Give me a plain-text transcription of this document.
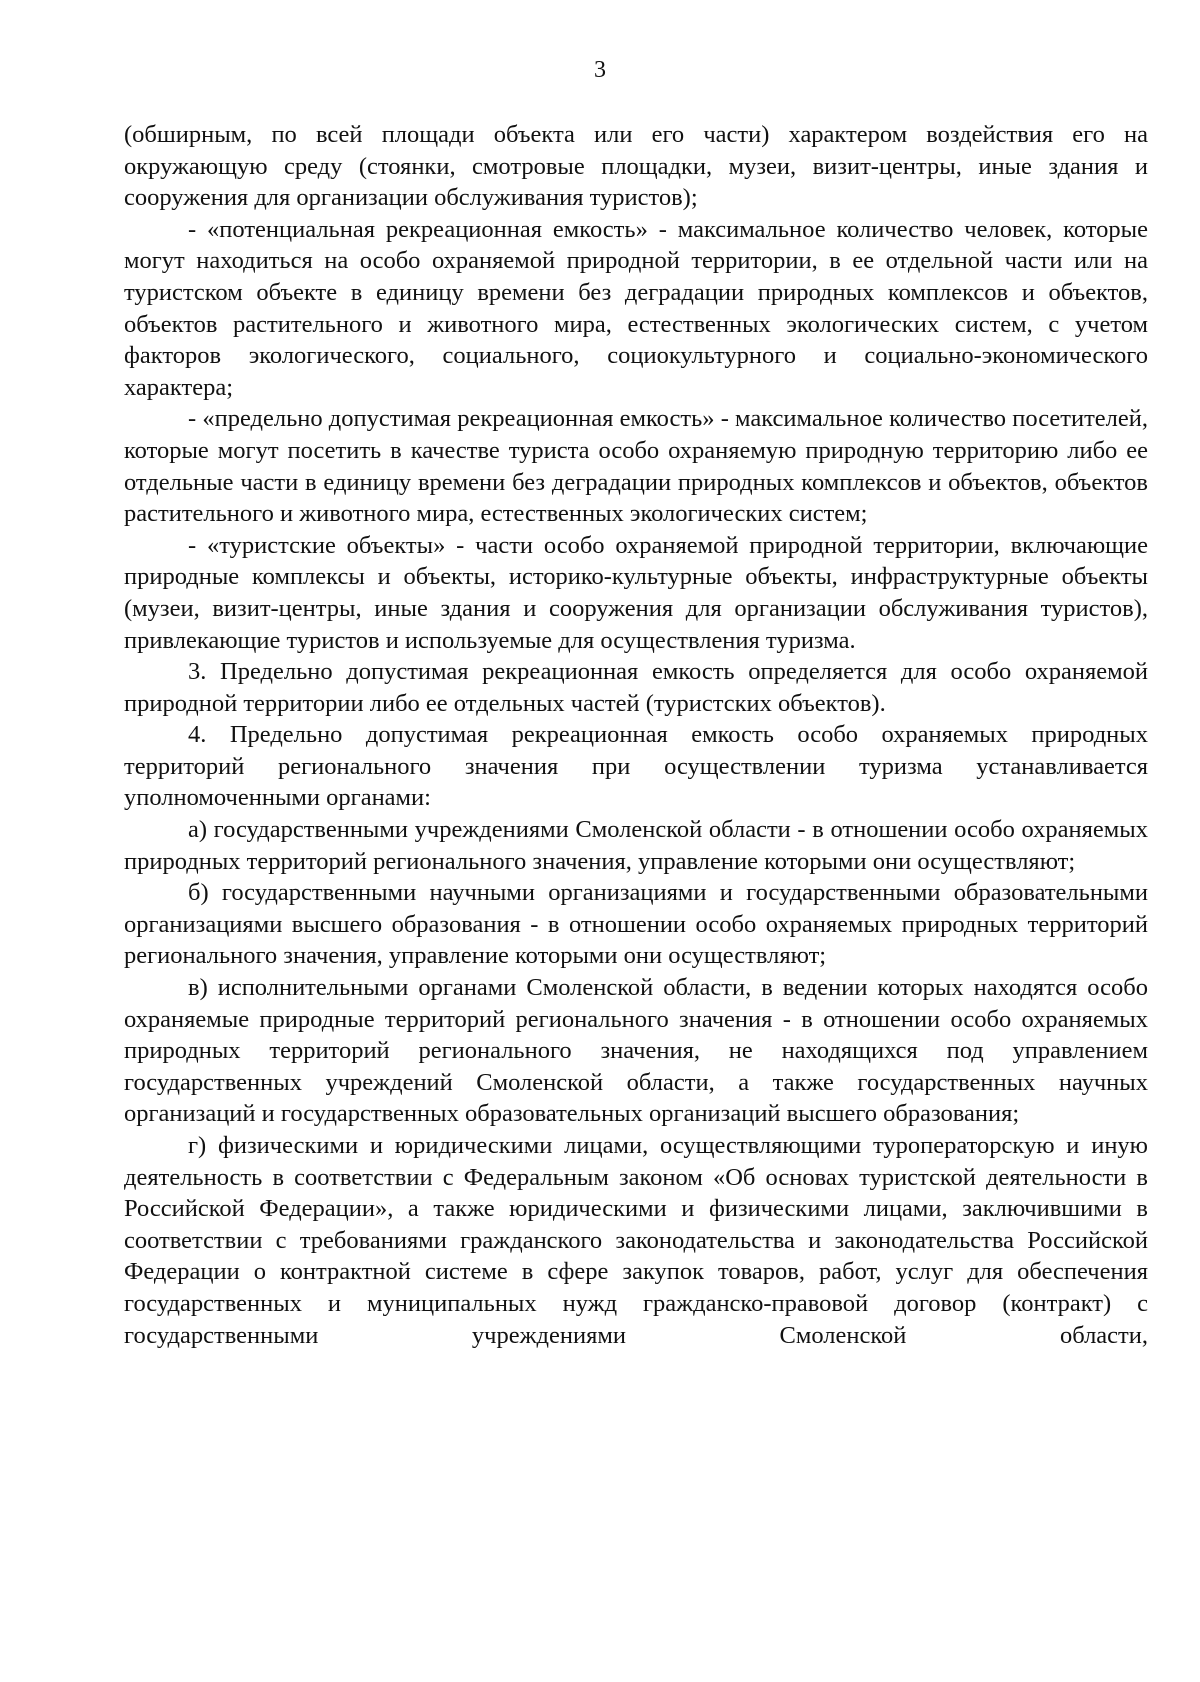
3

(обширным, по всей площади объекта или его части) характером воздействия его на окружающую среду (стоянки, смотровые площадки, музеи, визит-центры, иные здания и сооружения для организации обслуживания туристов);

- «потенциальная рекреационная емкость» - максимальное количество человек, которые могут находиться на особо охраняемой природной территории, в ее отдельной части или на туристском объекте в единицу времени без деградации природных комплексов и объектов, объектов растительного и животного мира, естественных экологических систем, с учетом факторов экологического, социального, социокультурного и социально-экономического характера;

- «предельно допустимая рекреационная емкость» - максимальное количество посетителей, которые могут посетить в качестве туриста особо охраняемую природную территорию либо ее отдельные части в единицу времени без деградации природных комплексов и объектов, объектов растительного и животного мира, естественных экологических систем;

- «туристские объекты» - части особо охраняемой природной территории, включающие природные комплексы и объекты, историко-культурные объекты, инфраструктурные объекты (музеи, визит-центры, иные здания и сооружения для организации обслуживания туристов), привлекающие туристов и используемые для осуществления туризма.

3. Предельно допустимая рекреационная емкость определяется для особо охраняемой природной территории либо ее отдельных частей (туристских объектов).

4. Предельно допустимая рекреационная емкость особо охраняемых природных территорий регионального значения при осуществлении туризма устанавливается уполномоченными органами:

а) государственными учреждениями Смоленской области - в отношении особо охраняемых природных территорий регионального значения, управление которыми они осуществляют;

б) государственными научными организациями и государственными образовательными организациями высшего образования - в отношении особо охраняемых природных территорий регионального значения, управление которыми они осуществляют;

в) исполнительными органами Смоленской области, в ведении которых находятся особо охраняемые природные территорий регионального значения - в отношении особо охраняемых природных территорий регионального значения, не находящихся под управлением государственных учреждений Смоленской области, а также государственных научных организаций и государственных образовательных организаций высшего образования;

г) физическими и юридическими лицами, осуществляющими туроператорскую и иную деятельность в соответствии с Федеральным законом «Об основах туристской деятельности в Российской Федерации», а также юридическими и физическими лицами, заключившими в соответствии с требованиями гражданского законодательства и законодательства Российской Федерации о контрактной системе в сфере закупок товаров, работ, услуг для обеспечения государственных и муниципальных нужд гражданско-правовой договор (контракт) с государственными учреждениями Смоленской области,
